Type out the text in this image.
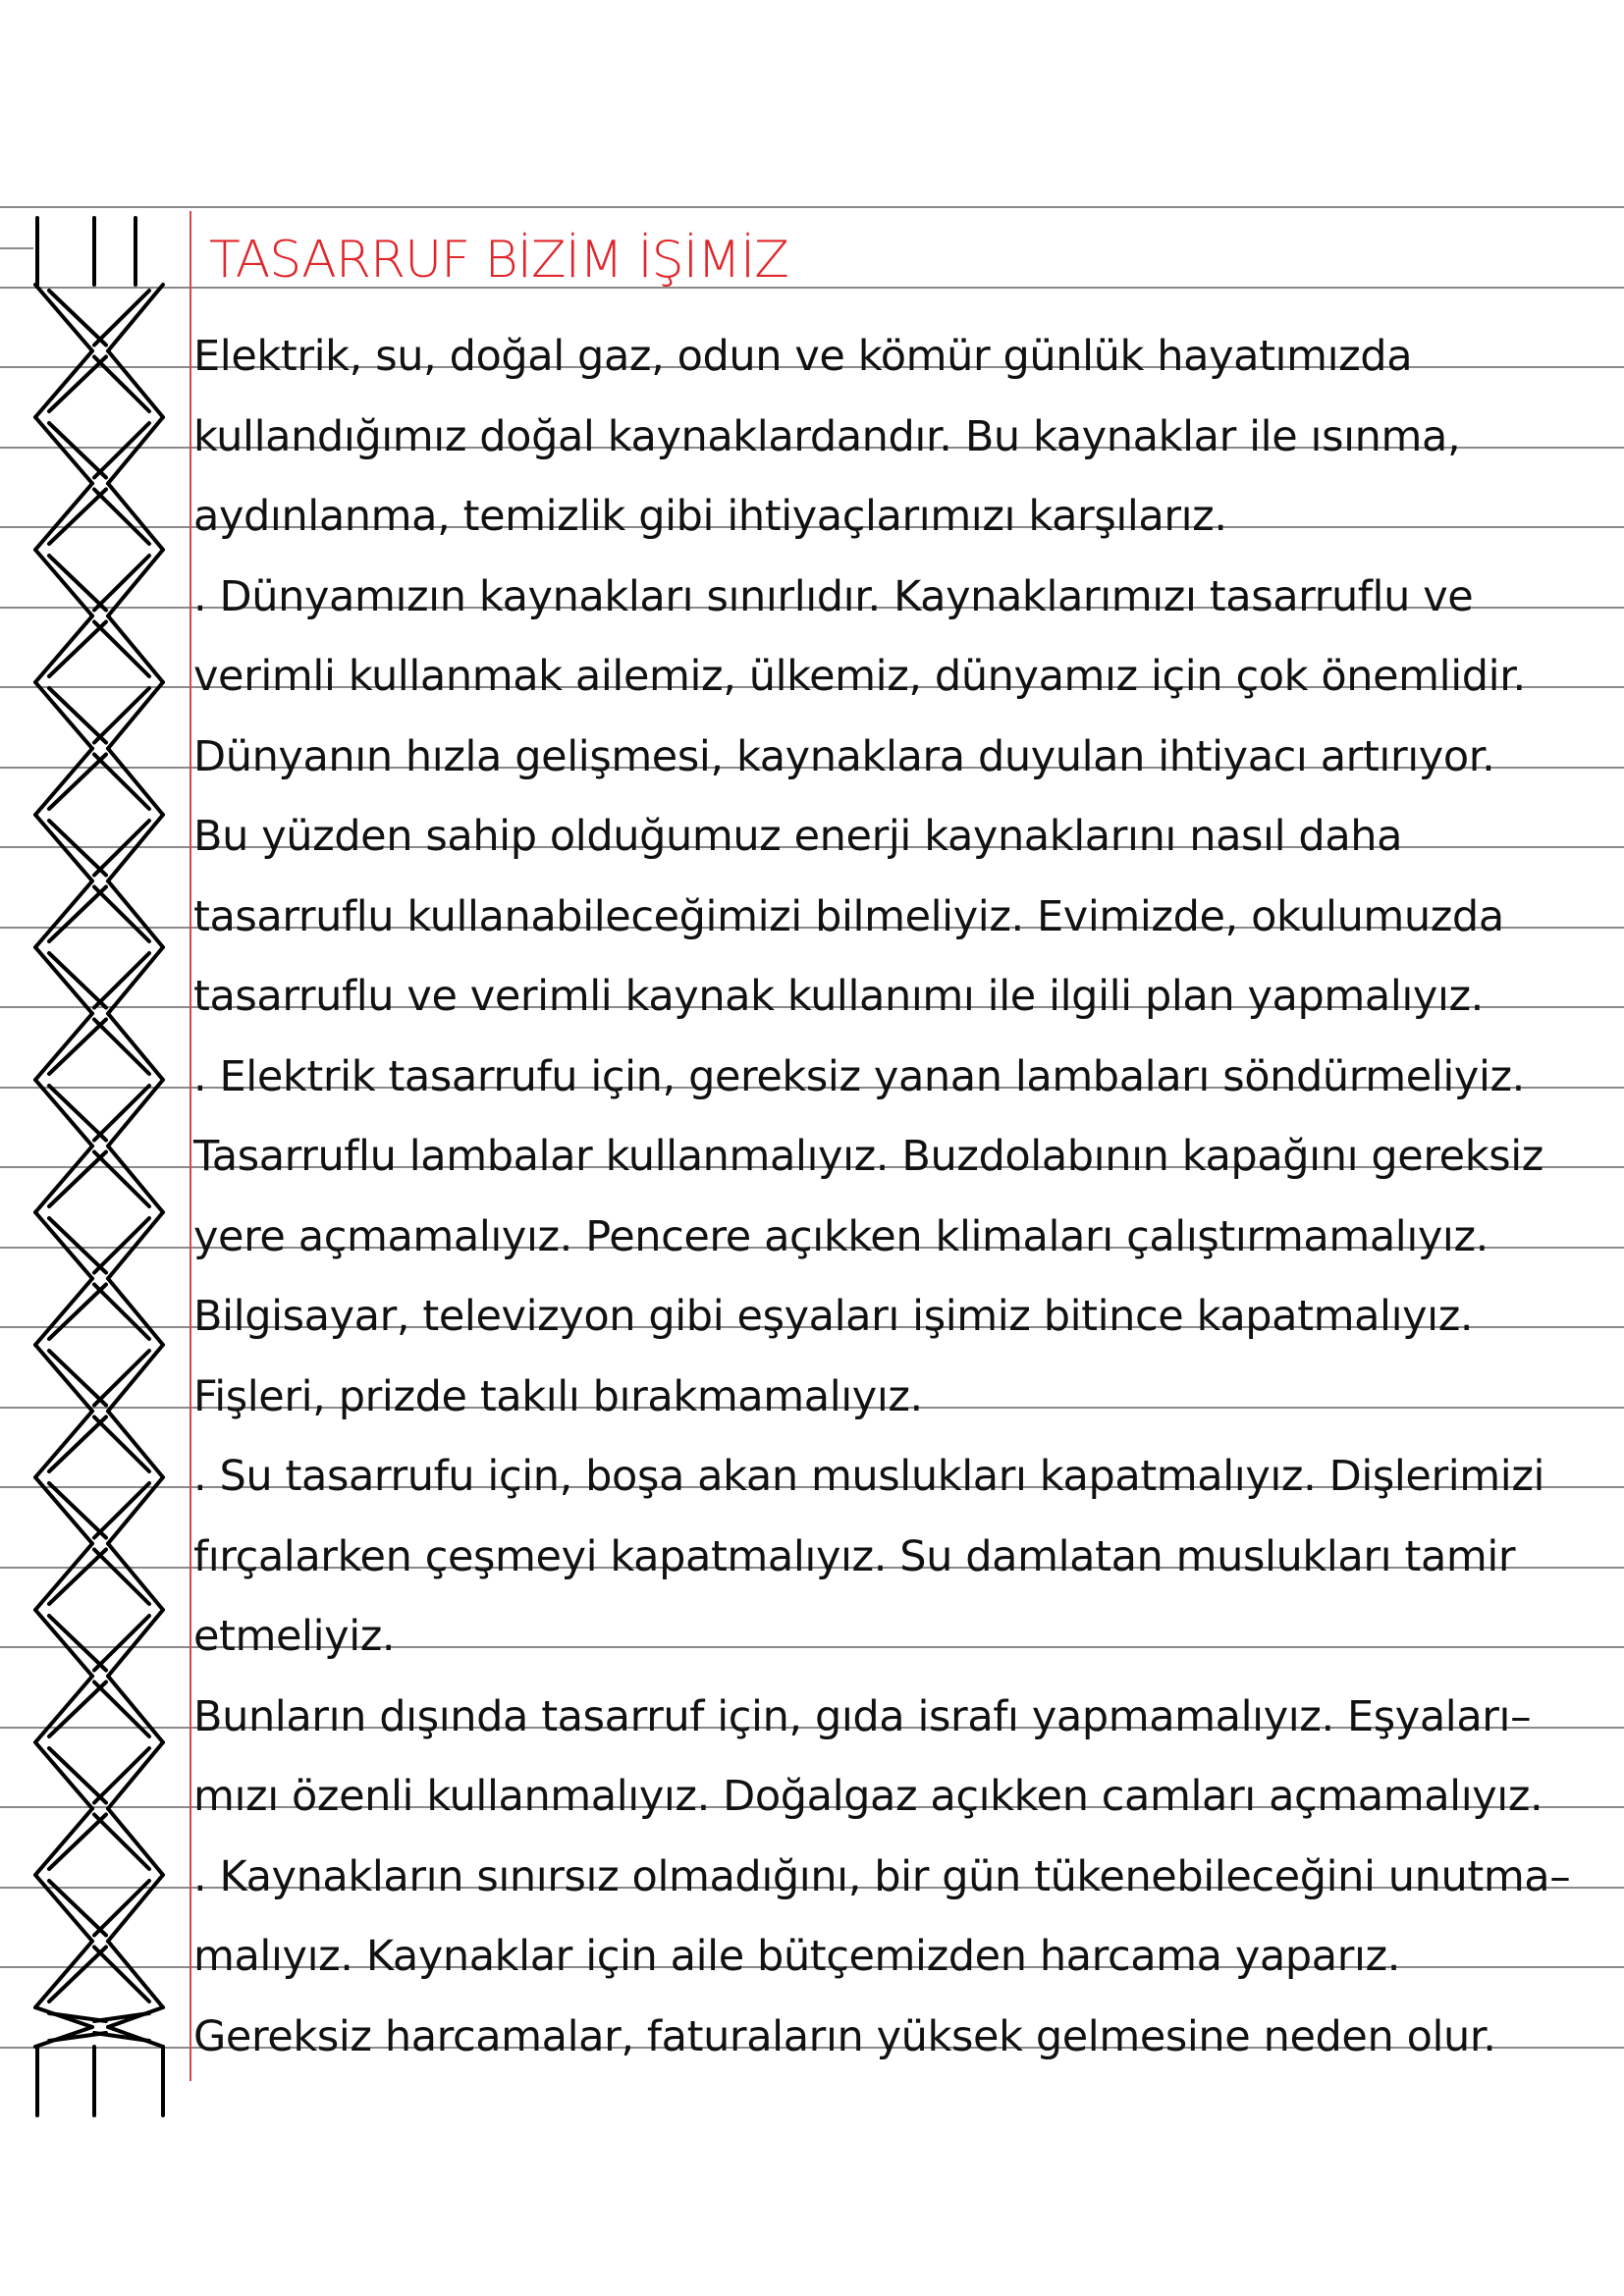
TASARRUF BİZİM İŞİMİZ
Elektrik, su, doğal gaz, odun ve kömür günlük hayatımızda
kullandığımız doğal kaynaklardandır. Bu kaynaklar ile ısınma,
aydınlanma, temizlik gibi ihtiyaçlarımızı karşılarız.
. Dünyamızın kaynakları sınırlıdır. Kaynaklarımızı tasarruflu ve
verimli kullanmak ailemiz, ülkemiz, dünyamız için çok önemlidir.
Dünyanın hızla gelişmesi, kaynaklara duyulan ihtiyacı artırıyor.
Bu yüzden sahip olduğumuz enerji kaynaklarını nasıl daha
tasarruflu kullanabileceğimizi bilmeliyiz. Evimizde, okulumuzda
tasarruflu ve verimli kaynak kullanımı ile ilgili plan yapmalıyız.
. Elektrik tasarrufu için, gereksiz yanan lambaları söndürmeliyiz.
Tasarruflu lambalar kullanmalıyız. Buzdolabının kapağını gereksiz
yere açmamalıyız. Pencere açıkken klimaları çalıştırmamalıyız.
Bilgisayar, televizyon gibi eşyaları işimiz bitince kapatmalıyız.
Fişleri, prizde takılı bırakmamalıyız.
. Su tasarrufu için, boşa akan muslukları kapatmalıyız. Dişlerimizi
fırçalarken çeşmeyi kapatmalıyız. Su damlatan muslukları tamir
etmeliyiz.
Bunların dışında tasarruf için, gıda israfı yapmamalıyız. Eşyaları–
mızı özenli kullanmalıyız. Doğalgaz açıkken camları açmamalıyız.
. Kaynakların sınırsız olmadığını, bir gün tükenebileceğini unutma–
malıyız. Kaynaklar için aile bütçemizden harcama yaparız.
Gereksiz harcamalar, faturaların yüksek gelmesine neden olur.
